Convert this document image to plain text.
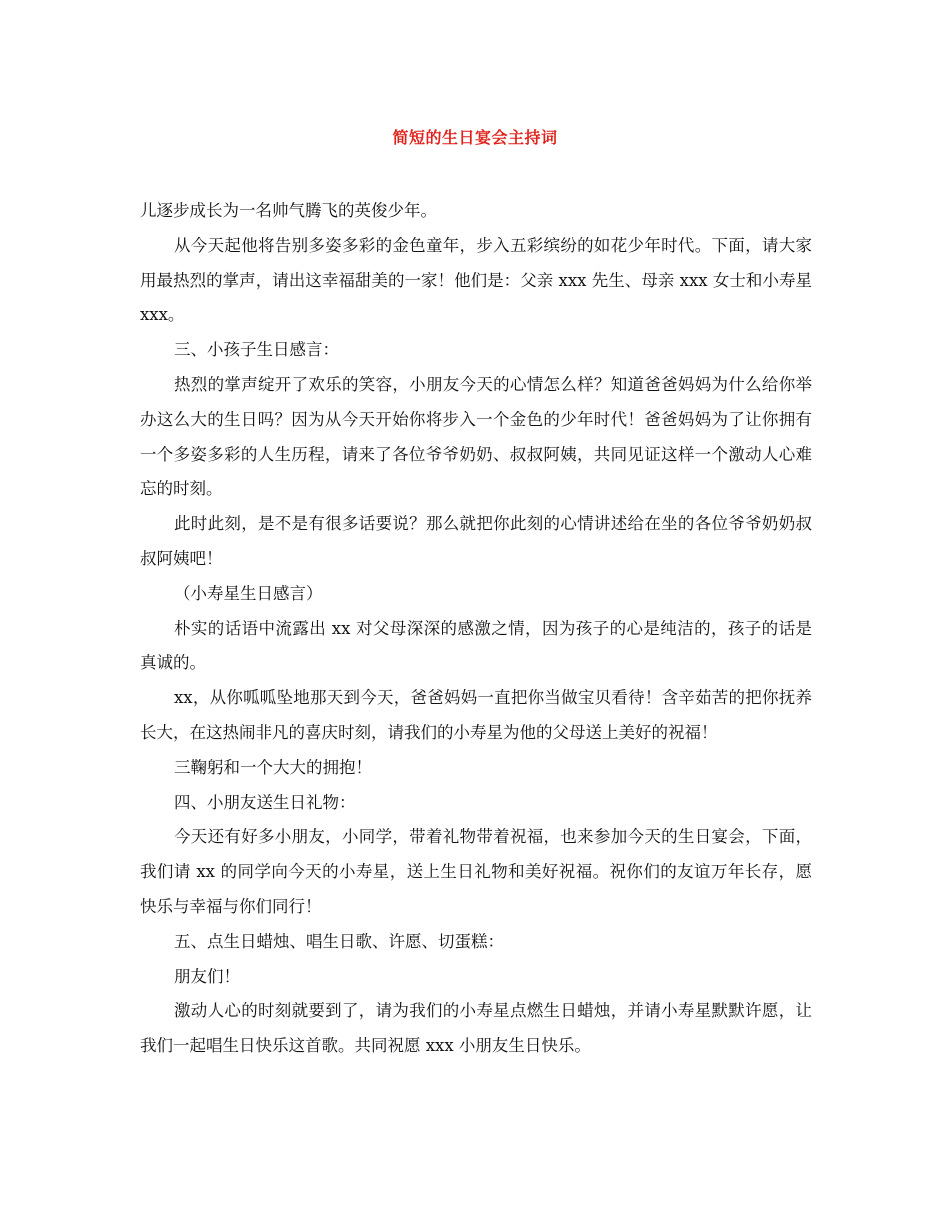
简短的生日宴会主持词

儿逐步成长为一名帅气腾飞的英俊少年。

从今天起他将告别多姿多彩的金色童年，步入五彩缤纷的如花少年时代。下面，请大家用最热烈的掌声，请出这幸福甜美的一家！他们是：父亲 xxx 先生、母亲 xxx 女士和小寿星 xxx。

三、小孩子生日感言：

热烈的掌声绽开了欢乐的笑容，小朋友今天的心情怎么样？知道爸爸妈妈为什么给你举办这么大的生日吗？因为从今天开始你将步入一个金色的少年时代！爸爸妈妈为了让你拥有一个多姿多彩的人生历程，请来了各位爷爷奶奶、叔叔阿姨，共同见证这样一个激动人心难忘的时刻。

此时此刻，是不是有很多话要说？那么就把你此刻的心情讲述给在坐的各位爷爷奶奶叔叔阿姨吧！

（小寿星生日感言）

朴实的话语中流露出 xx 对父母深深的感激之情，因为孩子的心是纯洁的，孩子的话是真诚的。

xx，从你呱呱坠地那天到今天，爸爸妈妈一直把你当做宝贝看待！含辛茹苦的把你抚养长大，在这热闹非凡的喜庆时刻，请我们的小寿星为他的父母送上美好的祝福！

三鞠躬和一个大大的拥抱！

四、小朋友送生日礼物：

今天还有好多小朋友，小同学，带着礼物带着祝福，也来参加今天的生日宴会，下面，我们请 xx 的同学向今天的小寿星，送上生日礼物和美好祝福。祝你们的友谊万年长存，愿快乐与幸福与你们同行！

五、点生日蜡烛、唱生日歌、许愿、切蛋糕：

朋友们！

激动人心的时刻就要到了，请为我们的小寿星点燃生日蜡烛，并请小寿星默默许愿，让我们一起唱生日快乐这首歌。共同祝愿 xxx 小朋友生日快乐。
